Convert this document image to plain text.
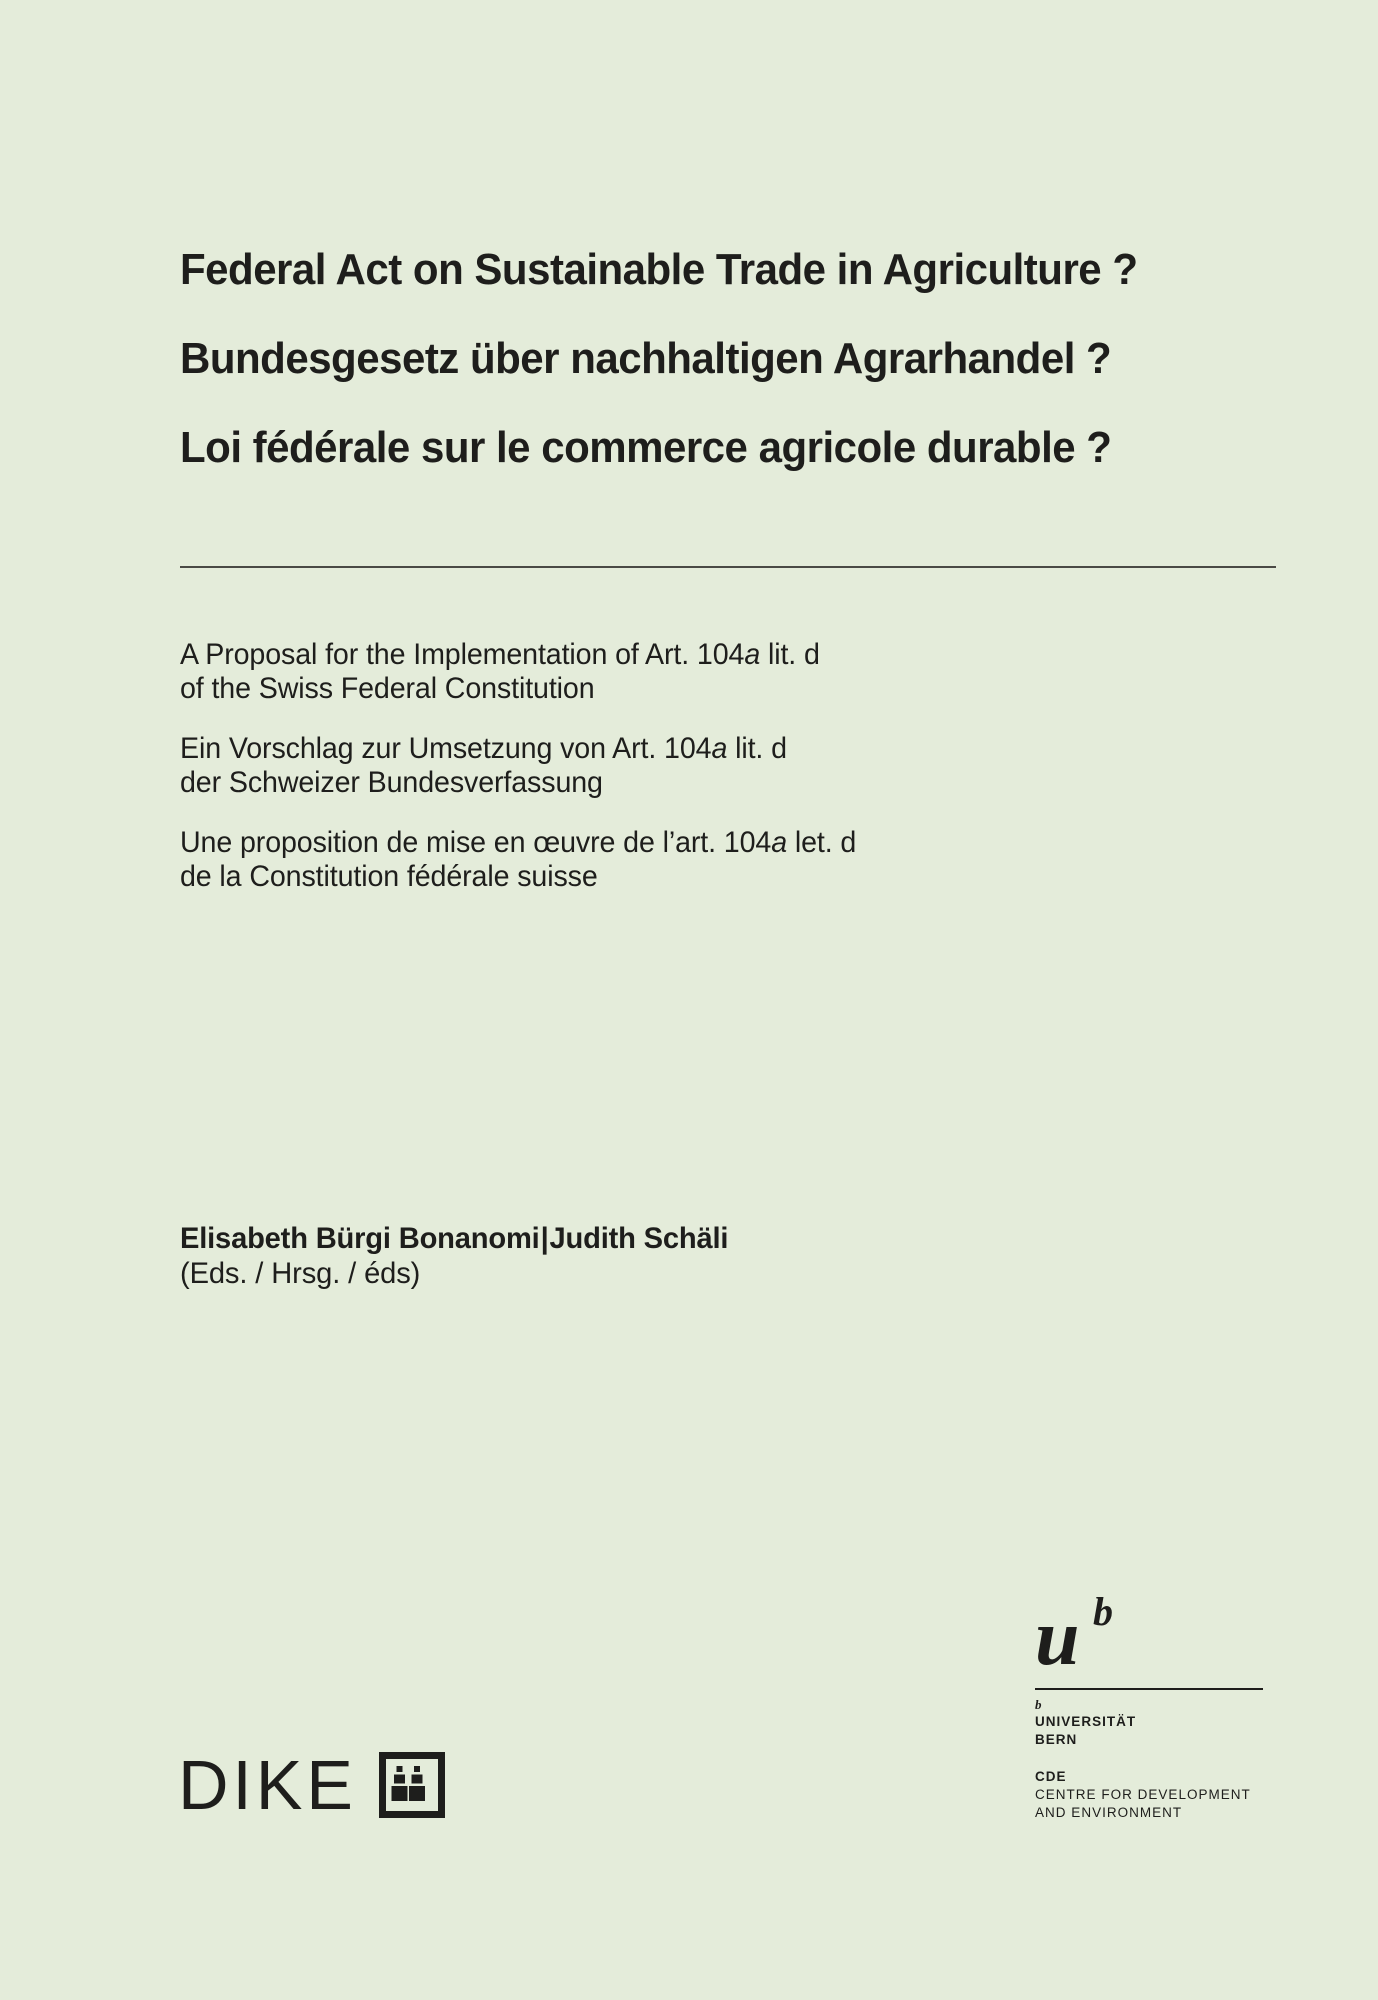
Federal Act on Sustainable Trade in Agriculture ?
Bundesgesetz über nachhaltigen Agrarhandel ?
Loi fédérale sur le commerce agricole durable ?
A Proposal for the Implementation of Art. 104a lit. d
of the Swiss Federal Constitution
Ein Vorschlag zur Umsetzung von Art. 104a lit. d
der Schweizer Bundesverfassung
Une proposition de mise en œuvre de l’art. 104a let. d
de la Constitution fédérale suisse
Elisabeth Bürgi Bonanomi|Judith Schäli
(Eds. / Hrsg. / éds)
DIKE
u b
b
UNIVERSITÄT
BERN
CDE
CENTRE FOR DEVELOPMENT
AND ENVIRONMENT
